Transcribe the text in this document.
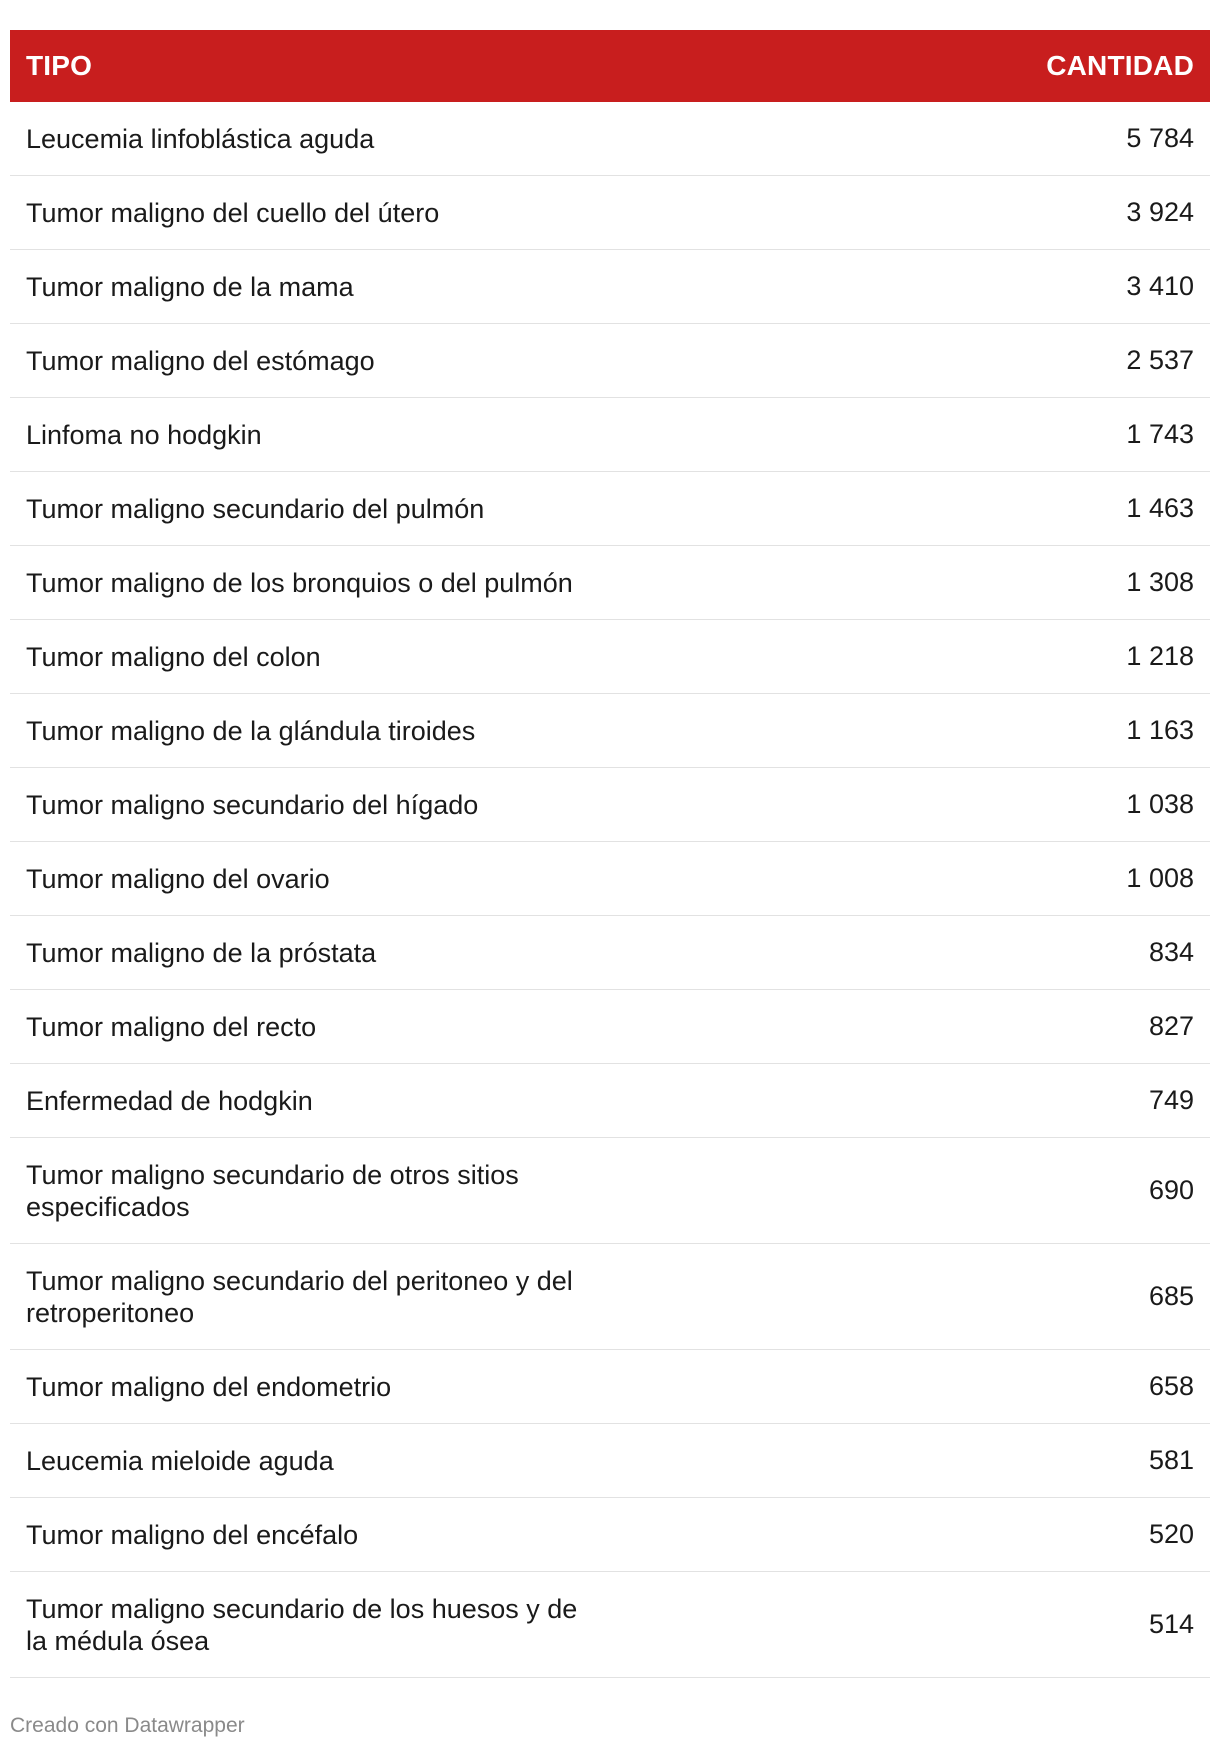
TIPO	CANTIDAD

Leucemia linfoblástica aguda	5 784

Tumor maligno del cuello del útero	3 924

Tumor maligno de la mama	3 410

Tumor maligno del estómago	2 537

Linfoma no hodgkin	1 743

Tumor maligno secundario del pulmón	1 463

Tumor maligno de los bronquios o del pulmón	1 308

Tumor maligno del colon	1 218

Tumor maligno de la glándula tiroides	1 163

Tumor maligno secundario del hígado	1 038

Tumor maligno del ovario	1 008

Tumor maligno de la próstata	834

Tumor maligno del recto	827

Enfermedad de hodgkin	749

Tumor maligno secundario de otros sitios especificados	690

Tumor maligno secundario del peritoneo y del retroperitoneo	685

Tumor maligno del endometrio	658

Leucemia mieloide aguda	581

Tumor maligno del encéfalo	520

Tumor maligno secundario de los huesos y de la médula ósea	514
Creado con Datawrapper
